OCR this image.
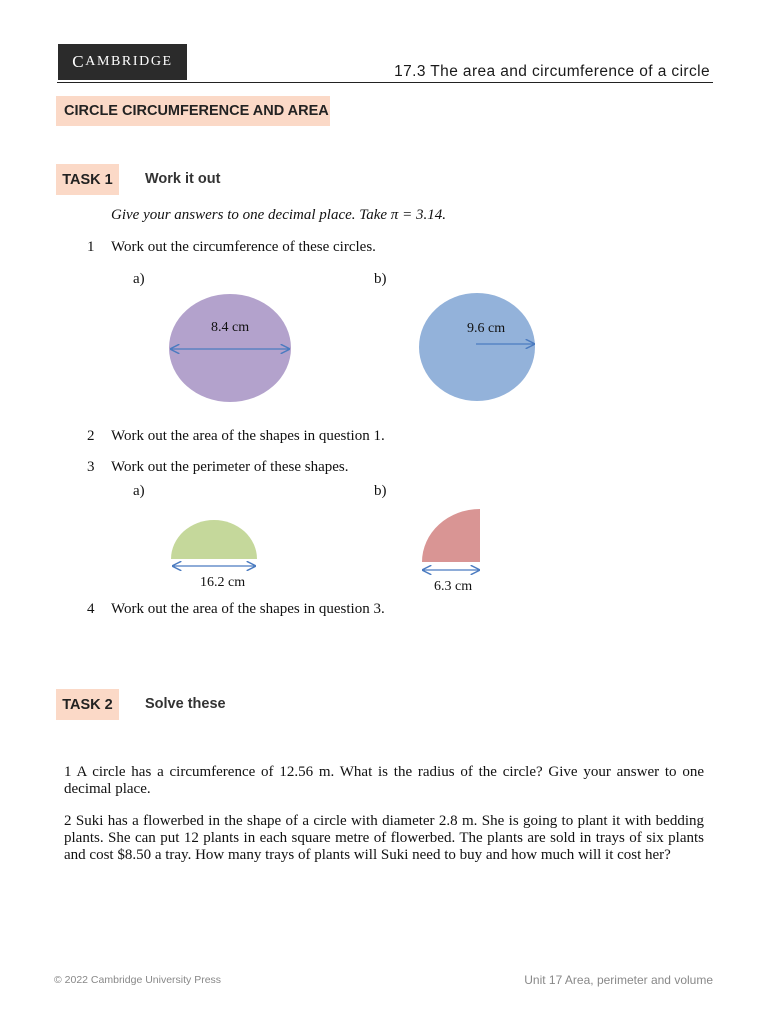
C AMBRIDGE
17.3 The area and circumference of a circle
CIRCLE CIRCUMFERENCE AND AREA
TASK 1	Work it out
Give your answers to one decimal place. Take π = 3.14.
1 Work out the circumference of these circles.
a)	b)
8.4 cm	9.6 cm
2 Work out the area of the shapes in question 1.
3 Work out the perimeter of these shapes.
a)	b)
16.2 cm	6.3 cm
4 Work out the area of the shapes in question 3.
TASK 2	Solve these
1 A circle has a circumference of 12.56 m. What is the radius of the circle? Give your answer to one decimal place.
2 Suki has a flowerbed in the shape of a circle with diameter 2.8 m. She is going to plant it with bedding plants. She can put 12 plants in each square metre of flowerbed. The plants are sold in trays of six plants and cost $8.50 a tray. How many trays of plants will Suki need to buy and how much will it cost her?
© 2022 Cambridge University Press	Unit 17 Area, perimeter and volume
